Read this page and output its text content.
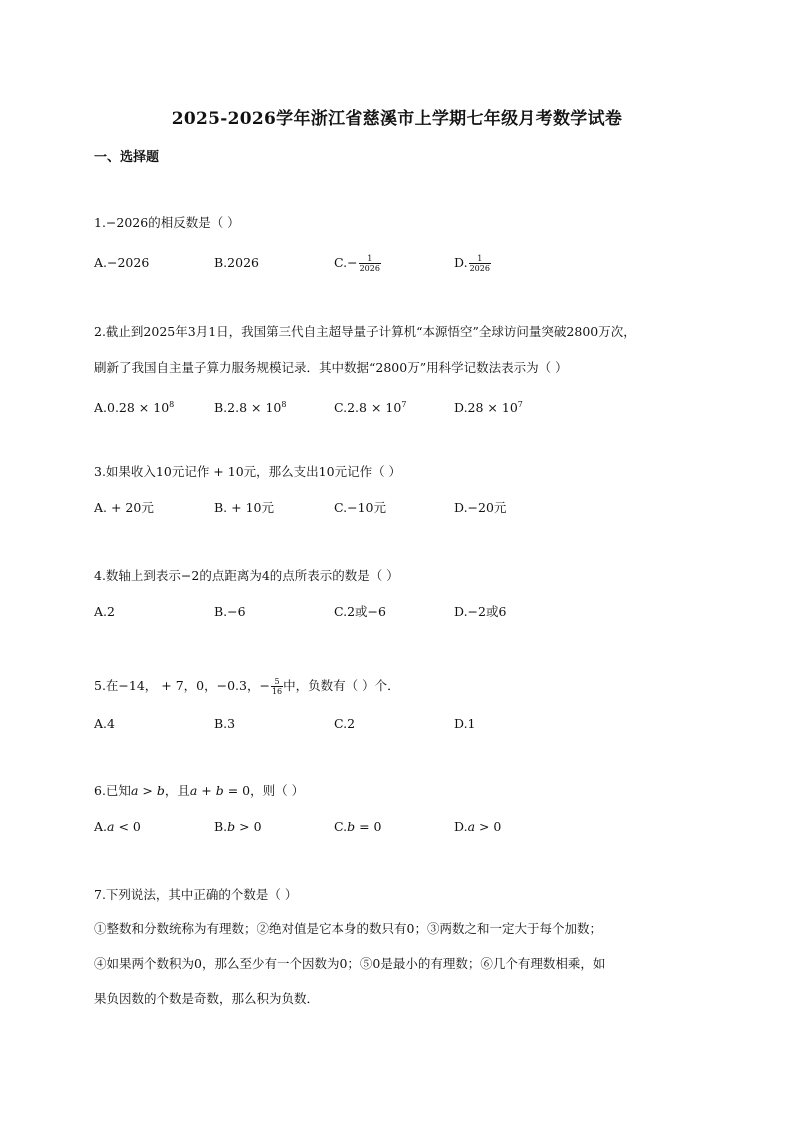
2025-2026学年浙江省慈溪市上学期七年级月考数学试卷
一、选择题
1.−2026的相反数是（ ）
A.−2026	B.2026	$C.- \frac{1}{2026}$	D. $\frac{1}{2026}$
2.截止到2025年3月1日，我国第三代自主超导量子计算机“本源悟空”全球访问量突破2800万次，
刷新了我国自主量子算力服务规模记录．其中数据“2800万”用科学记数法表示为（ ）
$A.0.28 \times 10^8$	$B.2.8 \times 10^8$	$C.2.8 \times 10^7$	$D.28 \times 10^7$
3.如果收入10元记作 + 10元，那么支出10元记作（ ）
A. + 20元	B. + 10元	C.−10元	D.−20元
4.数轴上到表示−2的点距离为4的点所表示的数是（ ）
A.2	B.−6	C.2或−6	D.−2或6
5.在−14， + 7，0，−0.3，− $\frac{5}{16}$ 中，负数有（ ）个．
A.4	B.3	C.2	D.1
6.已知a > b，且a + b = 0，则（ ）
A.a < 0	B.b > 0	C.b = 0	D.a > 0
7.下列说法，其中正确的个数是（ ）
①整数和分数统称为有理数；②绝对值是它本身的数只有0；③两数之和一定大于每个加数；
④如果两个数积为0，那么至少有一个因数为0；⑤0是最小的有理数；⑥几个有理数相乘，如
果负因数的个数是奇数，那么积为负数．
